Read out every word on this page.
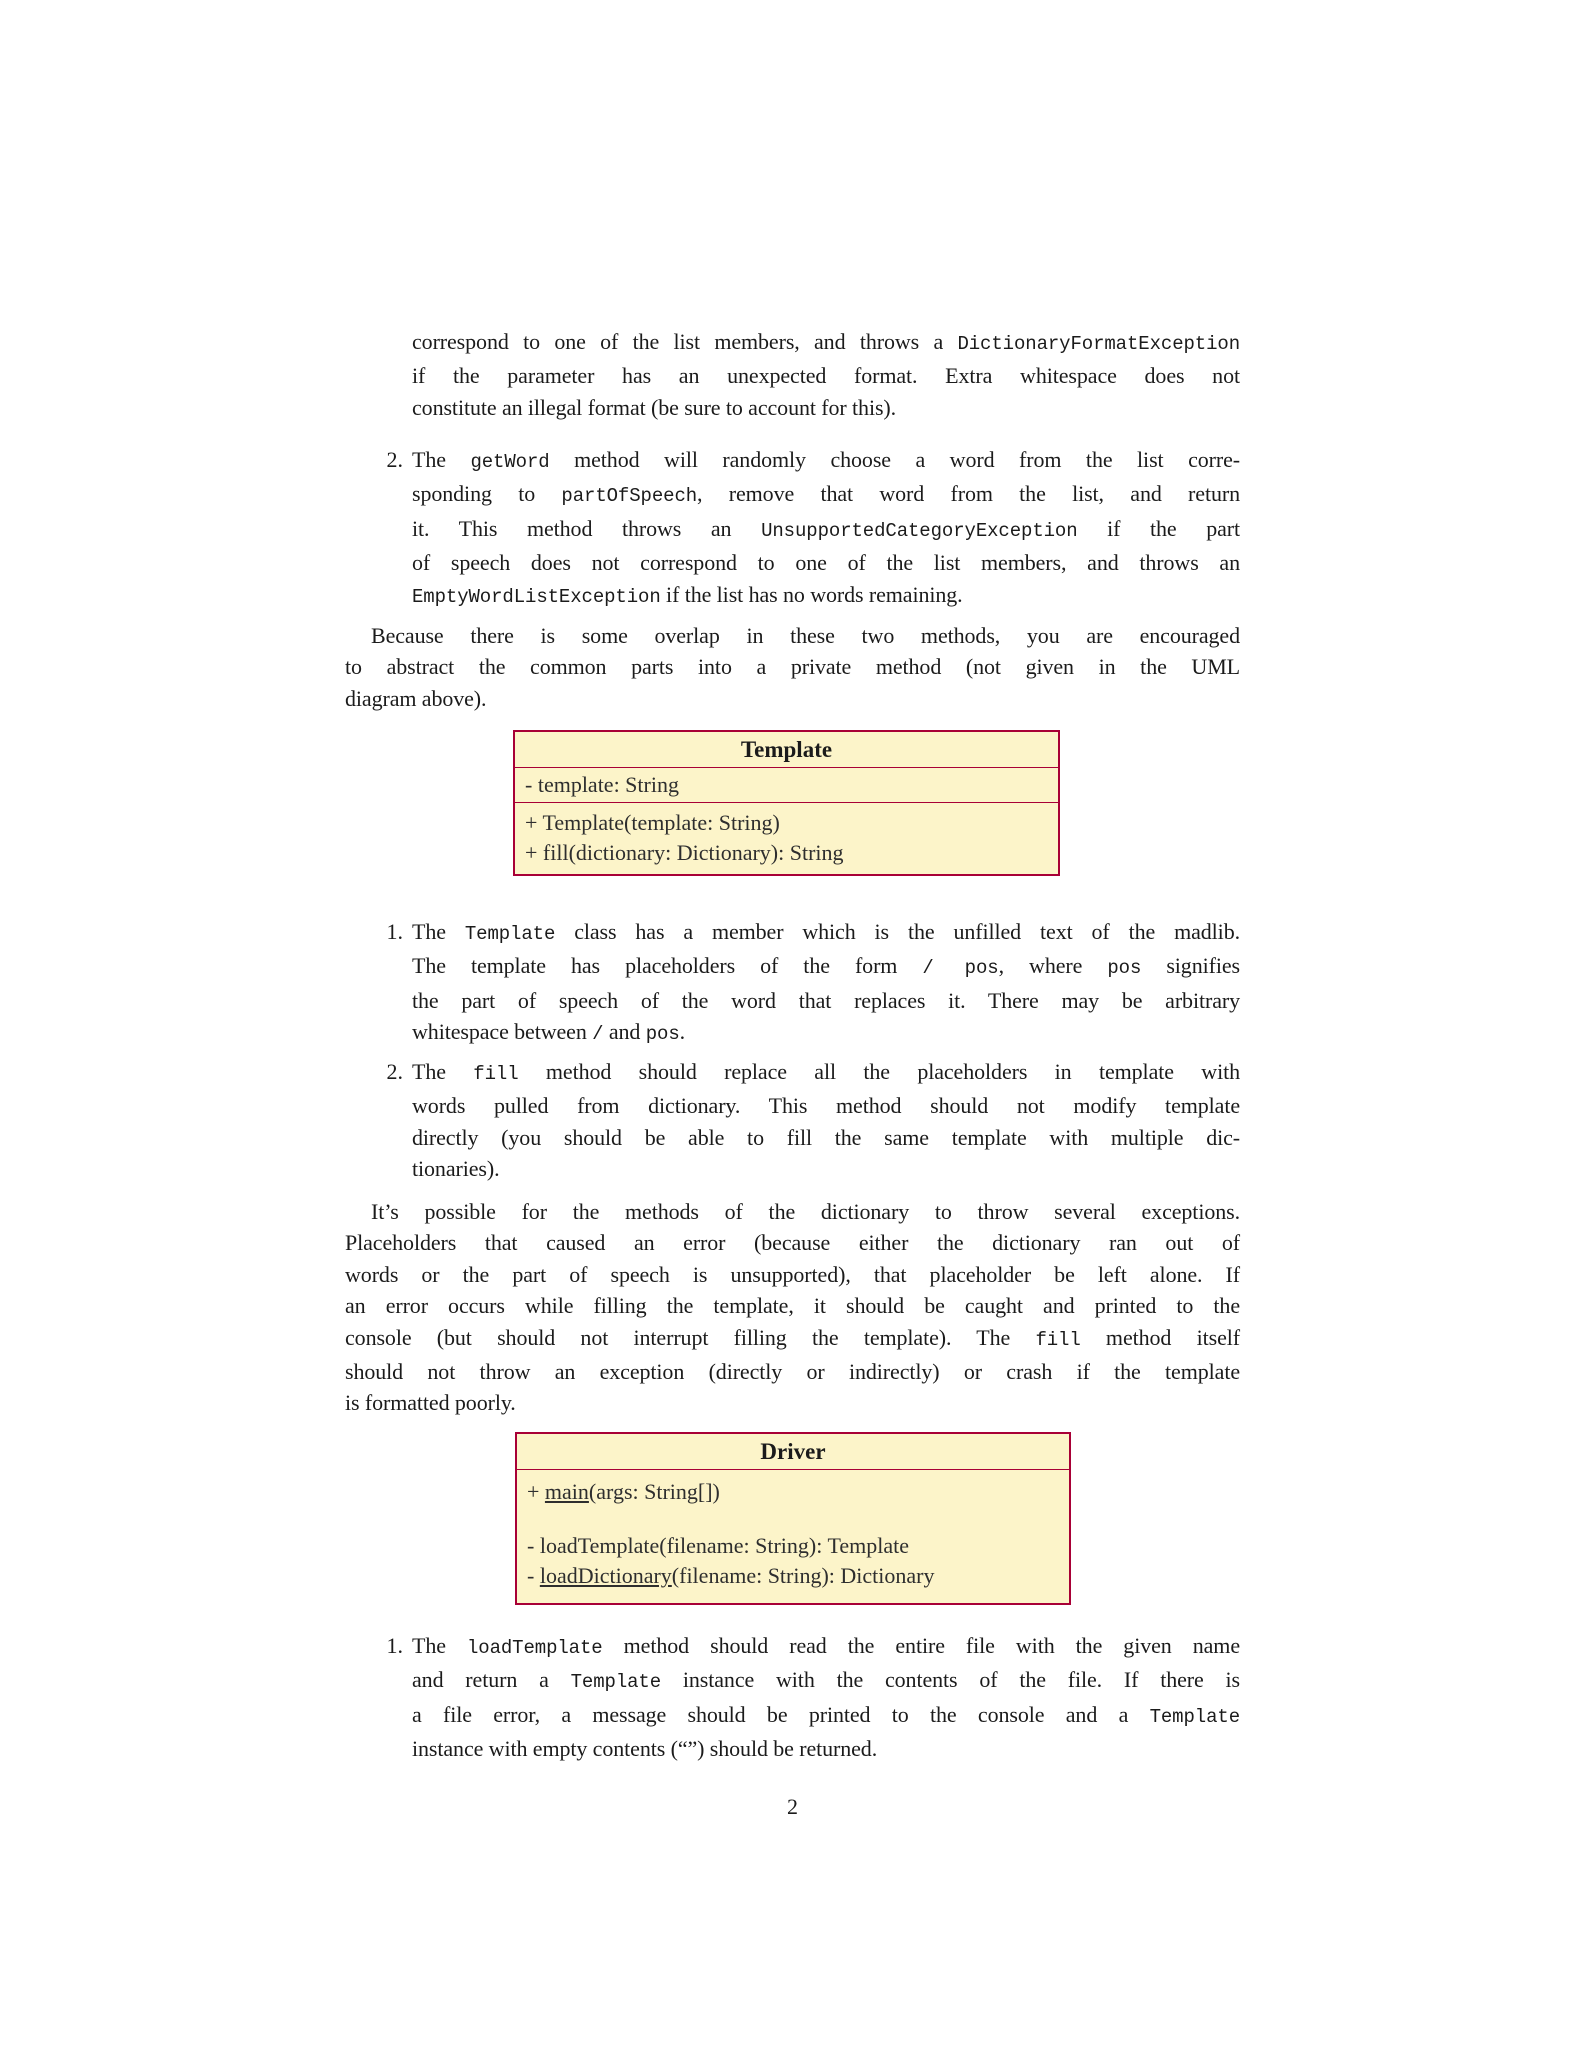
correspond to one of the list members, and throws a DictionaryFormatException
if the parameter has an unexpected format. Extra whitespace does not
constitute an illegal format (be sure to account for this).
2. The getWord method will randomly choose a word from the list corre-
sponding to partOfSpeech, remove that word from the list, and return
it. This method throws an UnsupportedCategoryException if the part
of speech does not correspond to one of the list members, and throws an
EmptyWordListException if the list has no words remaining.
Because there is some overlap in these two methods, you are encouraged
to abstract the common parts into a private method (not given in the UML
diagram above).
1. The Template class has a member which is the unfilled text of the madlib.
The template has placeholders of the form / pos, where pos signifies
the part of speech of the word that replaces it. There may be arbitrary
whitespace between / and pos.
2. The fill method should replace all the placeholders in template with
words pulled from dictionary. This method should not modify template
directly (you should be able to fill the same template with multiple dic-
tionaries).
It’s possible for the methods of the dictionary to throw several exceptions.
Placeholders that caused an error (because either the dictionary ran out of
words or the part of speech is unsupported), that placeholder be left alone. If
an error occurs while filling the template, it should be caught and printed to the
console (but should not interrupt filling the template). The fill method itself
should not throw an exception (directly or indirectly) or crash if the template
is formatted poorly.
1. The loadTemplate method should read the entire file with the given name
and return a Template instance with the contents of the file. If there is
a file error, a message should be printed to the console and a Template
instance with empty contents (“”) should be returned.
Template
- template: String
+ Template(template: String)
+ fill(dictionary: Dictionary): String
Driver
+ main(args: String[])
- loadTemplate(filename: String): Template
- loadDictionary(filename: String): Dictionary
2
